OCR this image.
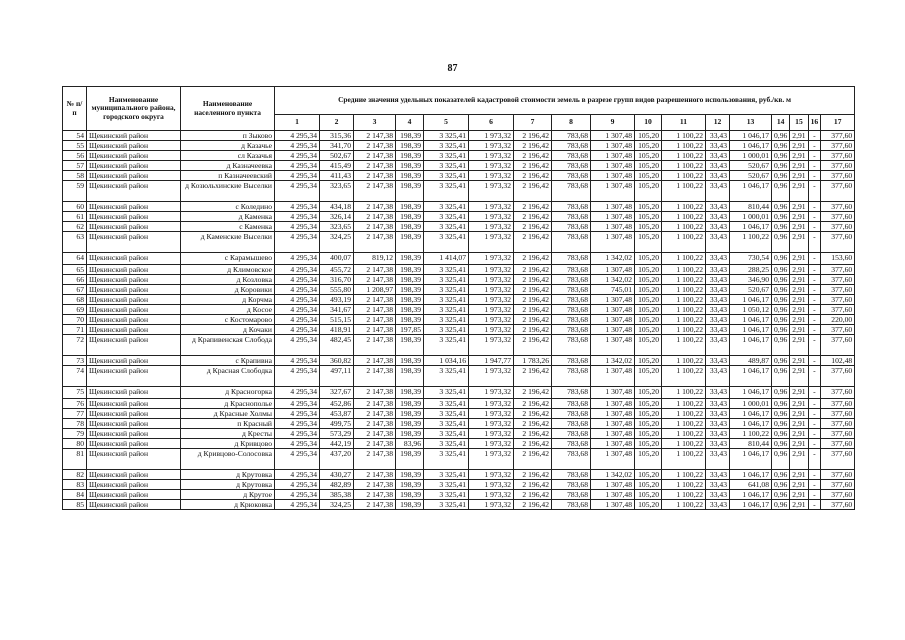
87
№ п/п	Наименование муниципального района, городского округа	Наименование населенного пункта	Средние значения удельных показателей кадастровой стоимости земель в разрезе групп видов разрешенного использования, руб./кв. м																
			1	2	3	4	5	6	7	8	9	10	11	12	13	14	15	16	17
54	Щекинский район	п Зыково	4 295,34	315,36	2 147,38	198,39	3 325,41	1 973,32	2 196,42	783,68	1 307,48	105,20	1 100,22	33,43	1 046,17	0,96	2,91	-	377,60
55	Щекинский район	д Казачье	4 295,34	341,70	2 147,38	198,39	3 325,41	1 973,32	2 196,42	783,68	1 307,48	105,20	1 100,22	33,43	1 046,17	0,96	2,91	-	377,60
56	Щекинский район	сл Казачья	4 295,34	502,67	2 147,38	198,39	3 325,41	1 973,32	2 196,42	783,68	1 307,48	105,20	1 100,22	33,43	1 000,01	0,96	2,91	-	377,60
57	Щекинский район	д Казначеевка	4 295,34	415,49	2 147,38	198,39	3 325,41	1 973,32	2 196,42	783,68	1 307,48	105,20	1 100,22	33,43	520,67	0,96	2,91	-	377,60
58	Щекинский район	п Казначеевский	4 295,34	411,43	2 147,38	198,39	3 325,41	1 973,32	2 196,42	783,68	1 307,48	105,20	1 100,22	33,43	520,67	0,96	2,91	-	377,60
59	Щекинский район	д Козюльхинские Выселки	4 295,34	323,65	2 147,38	198,39	3 325,41	1 973,32	2 196,42	783,68	1 307,48	105,20	1 100,22	33,43	1 046,17	0,96	2,91	-	377,60
60	Щекинский район	с Коледино	4 295,34	434,18	2 147,38	198,39	3 325,41	1 973,32	2 196,42	783,68	1 307,48	105,20	1 100,22	33,43	810,44	0,96	2,91	-	377,60
61	Щекинский район	д Каменка	4 295,34	326,14	2 147,38	198,39	3 325,41	1 973,32	2 196,42	783,68	1 307,48	105,20	1 100,22	33,43	1 000,01	0,96	2,91	-	377,60
62	Щекинский район	с Каменка	4 295,34	323,65	2 147,38	198,39	3 325,41	1 973,32	2 196,42	783,68	1 307,48	105,20	1 100,22	33,43	1 046,17	0,96	2,91	-	377,60
63	Щекинский район	д Каменские Выселки	4 295,34	324,25	2 147,38	198,39	3 325,41	1 973,32	2 196,42	783,68	1 307,48	105,20	1 100,22	33,43	1 100,22	0,96	2,91	-	377,60
64	Щекинский район	с Карамышево	4 295,34	400,07	819,12	198,39	1 414,07	1 973,32	2 196,42	783,68	1 342,02	105,20	1 100,22	33,43	730,54	0,96	2,91	-	153,60
65	Щекинский район	д Климовское	4 295,34	455,72	2 147,38	198,39	3 325,41	1 973,32	2 196,42	783,68	1 307,48	105,20	1 100,22	33,43	288,25	0,96	2,91	-	377,60
66	Щекинский район	д Козловка	4 295,34	316,70	2 147,38	198,39	3 325,41	1 973,32	2 196,42	783,68	1 342,02	105,20	1 100,22	33,43	346,90	0,96	2,91	-	377,60
67	Щекинский район	д Коровики	4 295,34	555,80	1 208,97	198,39	3 325,41	1 973,32	2 196,42	783,68	745,01	105,20	1 100,22	33,43	520,67	0,96	2,91	-	377,60
68	Щекинский район	д Корчма	4 295,34	493,19	2 147,38	198,39	3 325,41	1 973,32	2 196,42	783,68	1 307,48	105,20	1 100,22	33,43	1 046,17	0,96	2,91	-	377,60
69	Щекинский район	д Косое	4 295,34	341,67	2 147,38	198,39	3 325,41	1 973,32	2 196,42	783,68	1 307,48	105,20	1 100,22	33,43	1 050,12	0,96	2,91	-	377,60
70	Щекинский район	с Костомарово	4 295,34	515,15	2 147,38	198,39	3 325,41	1 973,32	2 196,42	783,68	1 307,48	105,20	1 100,22	33,43	1 046,17	0,96	2,91	-	220,00
71	Щекинский район	д Кочаки	4 295,34	418,91	2 147,38	197,85	3 325,41	1 973,32	2 196,42	783,68	1 307,48	105,20	1 100,22	33,43	1 046,17	0,96	2,91	-	377,60
72	Щекинский район	д Крапивенская Слобода	4 295,34	482,45	2 147,38	198,39	3 325,41	1 973,32	2 196,42	783,68	1 307,48	105,20	1 100,22	33,43	1 046,17	0,96	2,91	-	377,60
73	Щекинский район	с Крапивна	4 295,34	360,82	2 147,38	198,39	1 034,16	1 947,77	1 783,26	783,68	1 342,02	105,20	1 100,22	33,43	489,87	0,96	2,91	-	102,48
74	Щекинский район	д Красная Слободка	4 295,34	497,11	2 147,38	198,39	3 325,41	1 973,32	2 196,42	783,68	1 307,48	105,20	1 100,22	33,43	1 046,17	0,96	2,91	-	377,60
75	Щекинский район	д Красногорка	4 295,34	327,67	2 147,38	198,39	3 325,41	1 973,32	2 196,42	783,68	1 307,48	105,20	1 100,22	33,43	1 046,17	0,96	2,91	-	377,60
76	Щекинский район	д Краснополье	4 295,34	452,86	2 147,38	198,39	3 325,41	1 973,32	2 196,42	783,68	1 307,48	105,20	1 100,22	33,43	1 000,01	0,96	2,91	-	377,60
77	Щекинский район	д Красные Холмы	4 295,34	453,87	2 147,38	198,39	3 325,41	1 973,32	2 196,42	783,68	1 307,48	105,20	1 100,22	33,43	1 046,17	0,96	2,91	-	377,60
78	Щекинский район	п Красный	4 295,34	499,75	2 147,38	198,39	3 325,41	1 973,32	2 196,42	783,68	1 307,48	105,20	1 100,22	33,43	1 046,17	0,96	2,91	-	377,60
79	Щекинский район	д Кресты	4 295,34	573,29	2 147,38	198,39	3 325,41	1 973,32	2 196,42	783,68	1 307,48	105,20	1 100,22	33,43	1 100,22	0,96	2,91	-	377,60
80	Щекинский район	д Кривцово	4 295,34	442,19	2 147,38	83,96	3 325,41	1 973,32	2 196,42	783,68	1 307,48	105,20	1 100,22	33,43	810,44	0,96	2,91	-	377,60
81	Щекинский район	д Кривцово-Солосовка	4 295,34	437,20	2 147,38	198,39	3 325,41	1 973,32	2 196,42	783,68	1 307,48	105,20	1 100,22	33,43	1 046,17	0,96	2,91	-	377,60
82	Щекинский район	д Крутовка	4 295,34	430,27	2 147,38	198,39	3 325,41	1 973,32	2 196,42	783,68	1 342,02	105,20	1 100,22	33,43	1 046,17	0,96	2,91	-	377,60
83	Щекинский район	д Крутовка	4 295,34	482,89	2 147,38	198,39	3 325,41	1 973,32	2 196,42	783,68	1 307,48	105,20	1 100,22	33,43	641,08	0,96	2,91	-	377,60
84	Щекинский район	д Крутое	4 295,34	385,38	2 147,38	198,39	3 325,41	1 973,32	2 196,42	783,68	1 307,48	105,20	1 100,22	33,43	1 046,17	0,96	2,91	-	377,60
85	Щекинский район	д Крюковка	4 295,34	324,25	2 147,38	198,39	3 325,41	1 973,32	2 196,42	783,68	1 307,48	105,20	1 100,22	33,43	1 046,17	0,96	2,91	-	377,60
